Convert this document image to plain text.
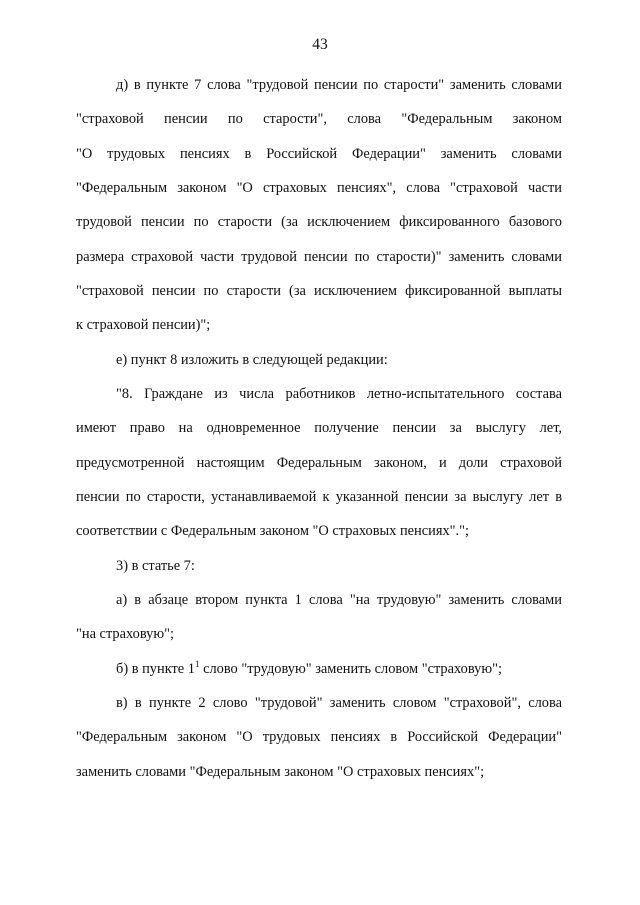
43
д) в пункте 7 слова "трудовой пенсии по старости" заменить словами
"страховой пенсии по старости", слова "Федеральным законом
"О трудовых пенсиях в Российской Федерации" заменить словами
"Федеральным законом "О страховых пенсиях", слова "страховой части
трудовой пенсии по старости (за исключением фиксированного базового
размера страховой части трудовой пенсии по старости)" заменить словами
"страховой пенсии по старости (за исключением фиксированной выплаты
к страховой пенсии)";
е) пункт 8 изложить в следующей редакции:
"8. Граждане из числа работников летно-испытательного состава
имеют право на одновременное получение пенсии за выслугу лет,
предусмотренной настоящим Федеральным законом, и доли страховой
пенсии по старости, устанавливаемой к указанной пенсии за выслугу лет в
соответствии с Федеральным законом "О страховых пенсиях".";
3) в статье 7:
а) в абзаце втором пункта 1 слова "на трудовую" заменить словами
"на страховую";
б) в пункте $1^1$ слово "трудовую" заменить словом "страховую";
в) в пункте 2 слово "трудовой" заменить словом "страховой", слова
"Федеральным законом "О трудовых пенсиях в Российской Федерации"
заменить словами "Федеральным законом "О страховых пенсиях";
